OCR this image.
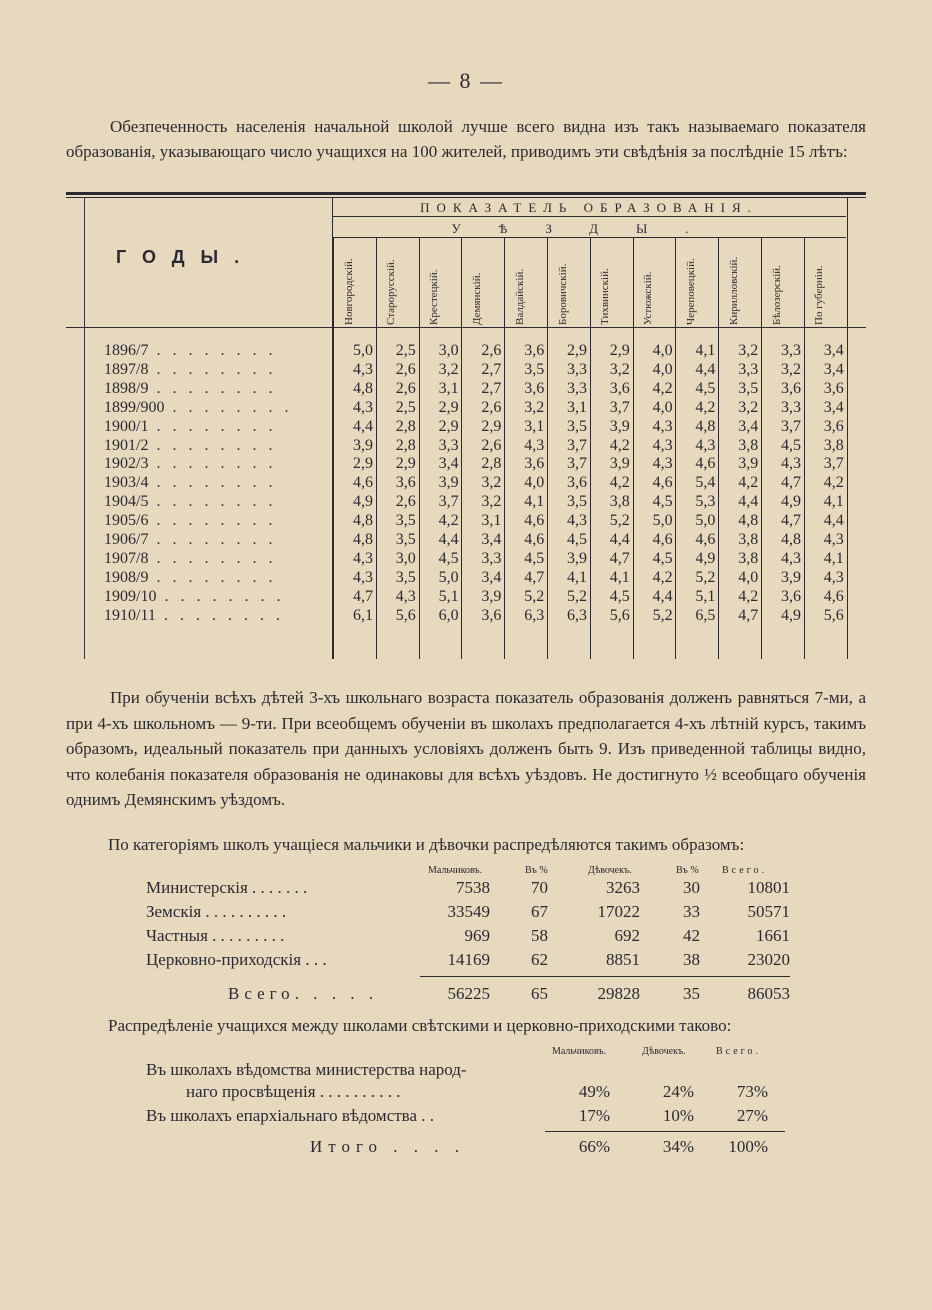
— 8 —
Обезпеченность населенія начальной школой лучше всего видна изъ такъ называемаго показателя образованія, указывающаго число учащихся на 100 жителей, приводимъ эти свѣдѣнія за послѣдніе 15 лѣтъ:
ГОДЫ.
ПОКАЗАТЕЛЬ ОБРАЗОВАНІЯ.
УѢЗДЫ.
Новгородскій.	Старорусскій.	Крестецкій.	Демянскій.	Валдайскій.	Боровичскій.	Тихвинскій.	Устюжскій.	Череповецкій.	Кирилловскій.	Бѣлозерскій.	По губерніи.
1896/7 . . . . . . . .	5,0	2,5	3,0	2,6	3,6	2,9	2,9	4,0	4,1	3,2	3,3	3,4
1897/8 . . . . . . . .	4,3	2,6	3,2	2,7	3,5	3,3	3,2	4,0	4,4	3,3	3,2	3,4
1898/9 . . . . . . . .	4,8	2,6	3,1	2,7	3,6	3,3	3,6	4,2	4,5	3,5	3,6	3,6
1899/900 . . . . . . . .	4,3	2,5	2,9	2,6	3,2	3,1	3,7	4,0	4,2	3,2	3,3	3,4
1900/1 . . . . . . . .	4,4	2,8	2,9	2,9	3,1	3,5	3,9	4,3	4,8	3,4	3,7	3,6
1901/2 . . . . . . . .	3,9	2,8	3,3	2,6	4,3	3,7	4,2	4,3	4,3	3,8	4,5	3,8
1902/3 . . . . . . . .	2,9	2,9	3,4	2,8	3,6	3,7	3,9	4,3	4,6	3,9	4,3	3,7
1903/4 . . . . . . . .	4,6	3,6	3,9	3,2	4,0	3,6	4,2	4,6	5,4	4,2	4,7	4,2
1904/5 . . . . . . . .	4,9	2,6	3,7	3,2	4,1	3,5	3,8	4,5	5,3	4,4	4,9	4,1
1905/6 . . . . . . . .	4,8	3,5	4,2	3,1	4,6	4,3	5,2	5,0	5,0	4,8	4,7	4,4
1906/7 . . . . . . . .	4,8	3,5	4,4	3,4	4,6	4,5	4,4	4,6	4,6	3,8	4,8	4,3
1907/8 . . . . . . . .	4,3	3,0	4,5	3,3	4,5	3,9	4,7	4,5	4,9	3,8	4,3	4,1
1908/9 . . . . . . . .	4,3	3,5	5,0	3,4	4,7	4,1	4,1	4,2	5,2	4,0	3,9	4,3
1909/10 . . . . . . . .	4,7	4,3	5,1	3,9	5,2	5,2	4,5	4,4	5,1	4,2	3,6	4,6
1910/11 . . . . . . . .	6,1	5,6	6,0	3,6	6,3	6,3	5,6	5,2	6,5	4,7	4,9	5,6
При обученіи всѣхъ дѣтей 3-хъ школьнаго возраста показатель образованія долженъ равняться 7-ми, а при 4-хъ школьномъ — 9-ти. При всеобщемъ обученіи въ школахъ предполагается 4-хъ лѣтній курсъ, такимъ образомъ, идеальный показатель при данныхъ условіяхъ долженъ быть 9. Изъ приведенной таблицы видно, что колебанія показателя образованія не одинаковы для всѣхъ уѣздовъ. Не достигнуто ½ всеобщаго обученія однимъ Демянскимъ уѣздомъ.
По категоріямъ школъ учащіеся мальчики и дѣвочки распредѣляются такимъ образомъ:
Мальчиковъ.	Въ %	Дѣвочекъ.	Въ % Всего.
Министерскія . . . . . . .	7538	70	3263	30	10801
Земскія . . . . . . . . . .	33549	67	17022	33	50571
Частныя . . . . . . . . .	969	58	692	42	1661
Церковно-приходскія . . .	14169	62	8851	38	23020
Всего. . . . .	56225	65	29828	35	86053
Распредѣленіе учащихся между школами свѣтскими и церковно-приходскими таково:
Мальчиковъ.	Дѣвочекъ.	Всего.
Въ школахъ вѣдомства министерства народ-
наго просвѣщенія . . . . . . . . . .	49%	24%	73%
Въ школахъ епархіальнаго вѣдомства . .	17%	10%	27%
Итого . . . .	66%	34%	100%
